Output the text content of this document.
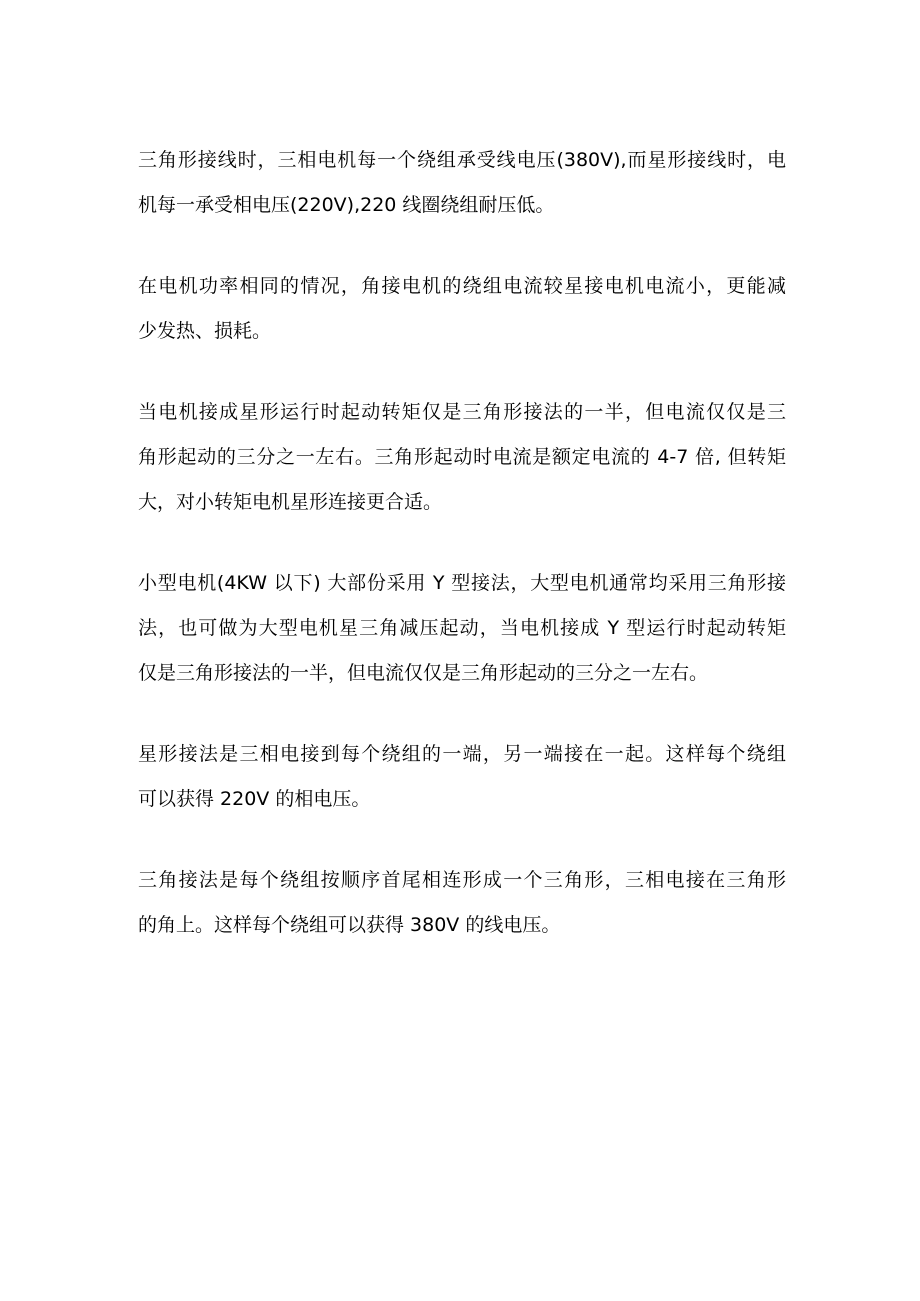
三角形接线时，三相电机每一个绕组承受线电压(380V),而星形接线时，电
机每一承受相电压(220V),220 线圈绕组耐压低。

在电机功率相同的情况，角接电机的绕组电流较星接电机电流小，更能减
少发热、损耗。

当电机接成星形运行时起动转矩仅是三角形接法的一半，但电流仅仅是三
角形起动的三分之一左右。三角形起动时电流是额定电流的 4-7 倍, 但转矩
大，对小转矩电机星形连接更合适。

小型电机(4KW 以下) 大部份采用 Y 型接法，大型电机通常均采用三角形接
法，也可做为大型电机星三角减压起动，当电机接成 Y 型运行时起动转矩
仅是三角形接法的一半，但电流仅仅是三角形起动的三分之一左右。

星形接法是三相电接到每个绕组的一端，另一端接在一起。这样每个绕组
可以获得 220V 的相电压。

三角接法是每个绕组按顺序首尾相连形成一个三角形，三相电接在三角形
的角上。这样每个绕组可以获得 380V 的线电压。
